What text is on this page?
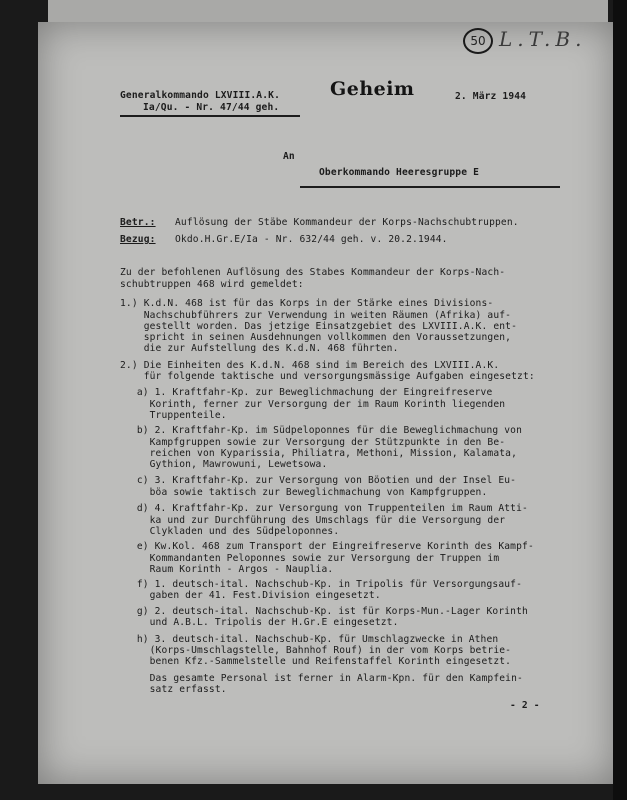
50 L.T.B.
Generalkommando LXVIII.A.K.
Ia/Qu. - Nr. 47/44 geh.
Geheim	2. März 1944
An
Oberkommando Heeresgruppe E
Betr.: Auflösung der Stäbe Kommandeur der Korps-Nachschubtruppen.
Bezug: Okdo.H.Gr.E/Ia - Nr. 632/44 geh. v. 20.2.1944.
Zu der befohlenen Auflösung des Stabes Kommandeur der Korps-Nach-
schubtruppen 468 wird gemeldet:
1.) K.d.N. 468 ist für das Korps in der Stärke eines Divisions-
Nachschubführers zur Verwendung in weiten Räumen (Afrika) auf-
gestellt worden. Das jetzige Einsatzgebiet des LXVIII.A.K. ent-
spricht in seinen Ausdehnungen vollkommen den Voraussetzungen,
die zur Aufstellung des K.d.N. 468 führten.
2.) Die Einheiten des K.d.N. 468 sind im Bereich des LXVIII.A.K.
für folgende taktische und versorgungsmässige Aufgaben eingesetzt:
a) 1. Kraftfahr-Kp. zur Beweglichmachung der Eingreifreserve
Korinth, ferner zur Versorgung der im Raum Korinth liegenden
Truppenteile.
b) 2. Kraftfahr-Kp. im Südpeloponnes für die Beweglichmachung von
Kampfgruppen sowie zur Versorgung der Stützpunkte in den Be-
reichen von Kyparissia, Philiatra, Methoni, Mission, Kalamata,
Gythion, Mawrowuni, Lewetsowa.
c) 3. Kraftfahr-Kp. zur Versorgung von Böotien und der Insel Eu-
böa sowie taktisch zur Beweglichmachung von Kampfgruppen.
d) 4. Kraftfahr-Kp. zur Versorgung von Truppenteilen im Raum Atti-
ka und zur Durchführung des Umschlags für die Versorgung der
Clykladen und des Südpeloponnes.
e) Kw.Kol. 468 zum Transport der Eingreifreserve Korinth des Kampf-
Kommandanten Peloponnes sowie zur Versorgung der Truppen im
Raum Korinth - Argos - Nauplia.
f) 1. deutsch-ital. Nachschub-Kp. in Tripolis für Versorgungsauf-
gaben der 41. Fest.Division eingesetzt.
g) 2. deutsch-ital. Nachschub-Kp. ist für Korps-Mun.-Lager Korinth
und A.B.L. Tripolis der H.Gr.E eingesetzt.
h) 3. deutsch-ital. Nachschub-Kp. für Umschlagzwecke in Athen
(Korps-Umschlagstelle, Bahnhof Rouf) in der vom Korps betrie-
benen Kfz.-Sammelstelle und Reifenstaffel Korinth eingesetzt.
Das gesamte Personal ist ferner in Alarm-Kpn. für den Kampfein-
satz erfasst.
- 2 -
